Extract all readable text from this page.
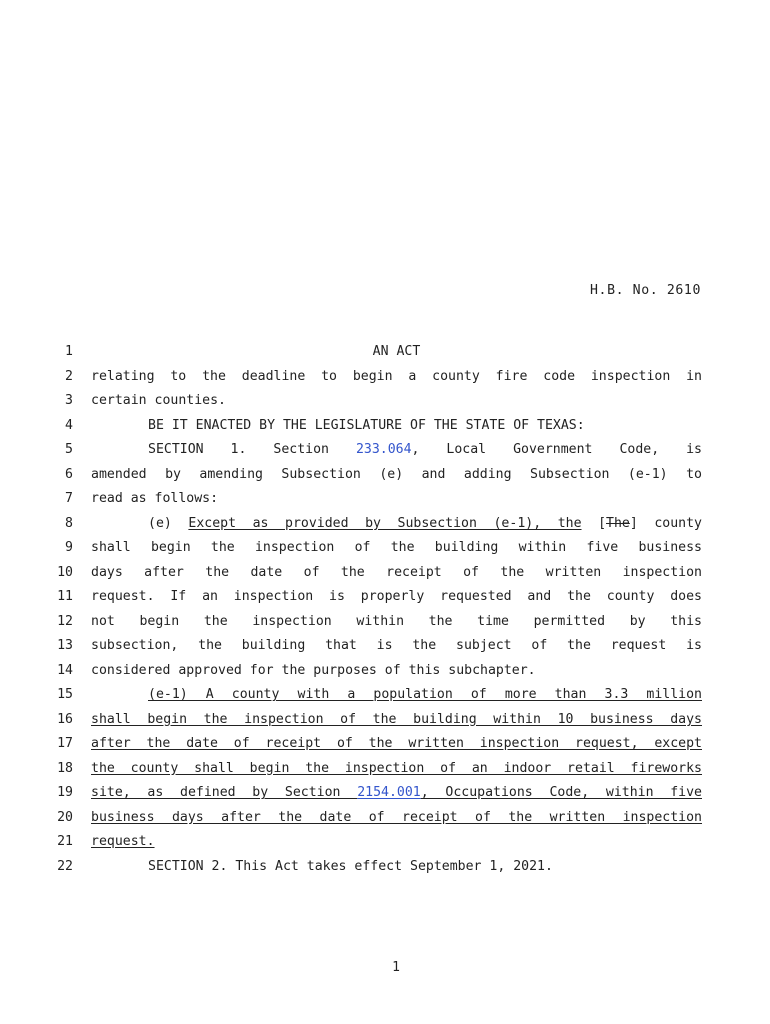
H.B. No. 2610
1	AN ACT
2 relating to the deadline to begin a county fire code inspection in
3 certain counties.
4	BE IT ENACTED BY THE LEGISLATURE OF THE STATE OF TEXAS:
5	SECTION 1. Section 233.064, Local Government Code, is
6 amended by amending Subsection (e) and adding Subsection (e-1) to
7 read as follows:
8	(e) Except as provided by Subsection (e-1), the [The] county
9 shall begin the inspection of the building within five business
10 days after the date of the receipt of the written inspection
11 request. If an inspection is properly requested and the county does
12 not begin the inspection within the time permitted by this
13 subsection, the building that is the subject of the request is
14 considered approved for the purposes of this subchapter.
15	(e-1) A county with a population of more than 3.3 million
16 shall begin the inspection of the building within 10 business days
17 after the date of receipt of the written inspection request, except
18 the county shall begin the inspection of an indoor retail fireworks
19 site, as defined by Section 2154.001, Occupations Code, within five
20 business days after the date of receipt of the written inspection
21 request.
22	SECTION 2. This Act takes effect September 1, 2021.
1
